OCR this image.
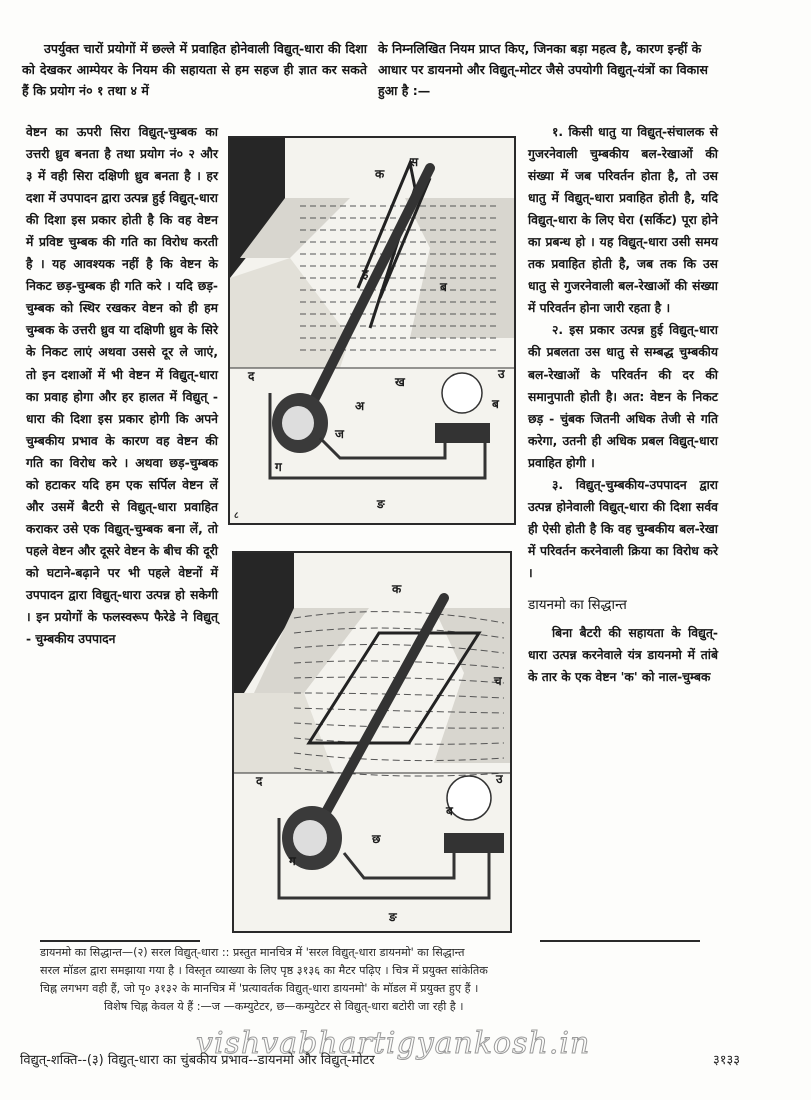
उपर्युक्त चारों प्रयोगों में छल्ले में प्रवाहित होनेवाली विद्युत्-धारा की दिशा को देखकर आम्पेयर के नियम की सहायता से हम सहज ही ज्ञात कर सकते हैं कि प्रयोग नं० १ तथा ४ में

के निम्नलिखित नियम प्राप्त किए, जिनका बड़ा महत्व है, कारण इन्हीं के आधार पर डायनमो और विद्युत्-मोटर जैसे उपयोगी विद्युत्-यंत्रों का विकास हुआ है :—

वेष्टन का ऊपरी सिरा विद्युत्-चुम्बक का उत्तरी ध्रुव बनता है तथा प्रयोग नं० २ और ३ में वही सिरा दक्षिणी ध्रुव बनता है । हर दशा में उपपादन द्वारा उत्पन्न हुई विद्युत्-धारा की दिशा इस प्रकार होती है कि वह वेष्टन में प्रविष्ट चुम्बक की गति का विरोध करती है । यह आवश्यक नहीं है कि वेष्टन के निकट छड़-चुम्बक ही गति करे । यदि छड़-चुम्बक को स्थिर रखकर वेष्टन को ही हम चुम्बक के उत्तरी ध्रुव या दक्षिणी ध्रुव के सिरे के निकट लाएं अथवा उससे दूर ले जाएं, तो इन दशाओं में भी वेष्टन में विद्युत्-धारा का प्रवाह होगा और हर हालत में विद्युत् - धारा की दिशा इस प्रकार होगी कि अपने चुम्बकीय प्रभाव के कारण वह वेष्टन की गति का विरोध करे । अथवा छड़-चुम्बक को हटाकर यदि हम एक सर्पिल वेष्टन लें और उसमें बैटरी से विद्युत्-धारा प्रवाहित कराकर उसे एक विद्युत्-चुम्बक बना लें, तो पहले वेष्टन और दूसरे वेष्टन के बीच की दूरी को घटाने-बढ़ाने पर भी पहले वेष्टनों में उपपादन द्वारा विद्युत्-धारा उत्पन्न हो सकेगी । इन प्रयोगों के फलस्वरूप फैरेडे ने विद्युत् - चुम्बकीय उपपादन

१. किसी धातु या विद्युत्-संचालक से गुजरनेवाली चुम्बकीय बल-रेखाओं की संख्या में जब परिवर्तन होता है, तो उस धातु में विद्युत्-धारा प्रवाहित होती है, यदि विद्युत्-धारा के लिए घेरा (सर्किट) पूरा होने का प्रबन्ध हो । यह विद्युत्-धारा उसी समय तक प्रवाहित होती है, जब तक कि उस धातु से गुजरनेवाली बल-रेखाओं की संख्या में परिवर्तन होना जारी रहता है ।

२. इस प्रकार उत्पन्न हुई विद्युत्-धारा की प्रबलता उस धातु से सम्बद्ध चुम्बकीय बल-रेखाओं के परिवर्तन की दर की समानुपाती होती है। अत: वेष्टन के निकट छड़ - चुंबक जितनी अधिक तेजी से गति करेगा, उतनी ही अधिक प्रबल विद्युत्-धारा प्रवाहित होगी ।

३. विद्युत्-चुम्बकीय-उपपादन द्वारा उत्पन्न होनेवाली विद्युत्-धारा की दिशा सर्वव ही ऐसी होती है कि वह चुम्बकीय बल-रेखा में परिवर्तन करनेवाली क्रिया का विरोध करे ।

डायनमो का सिद्धान्त

बिना बैटरी की सहायता के विद्युत्-धारा उत्पन्न करनेवाले यंत्र डायनमो में तांबे के तार के एक वेष्टन 'क' को नाल-चुम्बक

क
स
ह
ब
द	ख
उ
अ	ब
ज
ग
ङ
८
क
च
द	उ
ब
छ
ग
ङ

डायनमो का सिद्धान्त—(२) सरल विद्युत्-धारा :: प्रस्तुत मानचित्र में 'सरल विद्युत्-धारा डायनमो' का सिद्धान्त

सरल मॉडल द्वारा समझाया गया है । विस्तृत व्याख्या के लिए पृष्ठ ३१३६ का मैटर पढ़िए । चित्र में प्रयुक्त सांकेतिक

चिह्न लगभग वही हैं, जो पृ० ३१३२ के मानचित्र में 'प्रत्यावर्तक विद्युत्-धारा डायनमो' के मॉडल में प्रयुक्त हुए हैं ।

विशेष चिह्न केवल ये हैं :—ज —कम्युटेटर, छ—कम्युटेटर से विद्युत्-धारा बटोरी जा रही है ।

vishvabhartigyankosh.in
विद्युत्-शक्ति--(३) विद्युत्-धारा का चुंबकीय प्रभाव--डायनमो और विद्युत्-मोटर	३१३३
